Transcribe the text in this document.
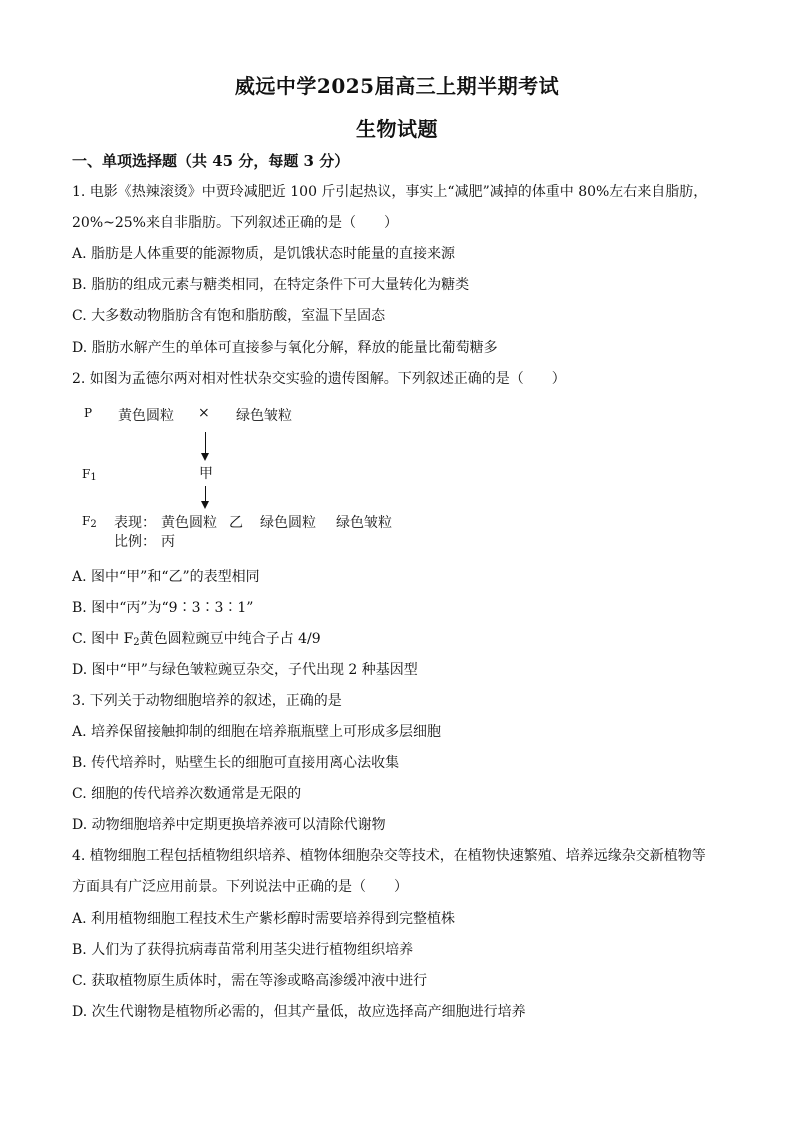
威远中学2025届高三上期半期考试
生物试题
一、单项选择题（共 45 分，每题 3 分）
1. 电影《热辣滚烫》中贾玲减肥近 100 斤引起热议，事实上“减肥”减掉的体重中 80%左右来自脂肪，
20%~25%来自非脂肪。下列叙述正确的是（　　）
A. 脂肪是人体重要的能源物质，是饥饿状态时能量的直接来源
B. 脂肪的组成元素与糖类相同，在特定条件下可大量转化为糖类
C. 大多数动物脂肪含有饱和脂肪酸，室温下呈固态
D. 脂肪水解产生的单体可直接参与氧化分解，释放的能量比葡萄糖多
2. 如图为孟德尔两对相对性状杂交实验的遗传图解。下列叙述正确的是（　　）
P 黄色圆粒 × 绿色皱粒
$F_1$	甲
$F_2$ 表现： 黄色圆粒 乙 绿色圆粒 绿色皱粒
比例： 丙
A. 图中“甲”和“乙”的表型相同
B. 图中“丙”为“9∶3∶3∶1”
C. 图中 $F_2$黄色圆粒豌豆中纯合子占 4/9
D. 图中“甲”与绿色皱粒豌豆杂交，子代出现 2 种基因型
3. 下列关于动物细胞培养的叙述，正确的是
A. 培养保留接触抑制的细胞在培养瓶瓶壁上可形成多层细胞
B. 传代培养时，贴壁生长的细胞可直接用离心法收集
C. 细胞的传代培养次数通常是无限的
D. 动物细胞培养中定期更换培养液可以清除代谢物
4. 植物细胞工程包括植物组织培养、植物体细胞杂交等技术，在植物快速繁殖、培养远缘杂交新植物等
方面具有广泛应用前景。下列说法中正确的是（　　）
A. 利用植物细胞工程技术生产紫杉醇时需要培养得到完整植株
B. 人们为了获得抗病毒苗常利用茎尖进行植物组织培养
C. 获取植物原生质体时，需在等渗或略高渗缓冲液中进行
D. 次生代谢物是植物所必需的，但其产量低，故应选择高产细胞进行培养
